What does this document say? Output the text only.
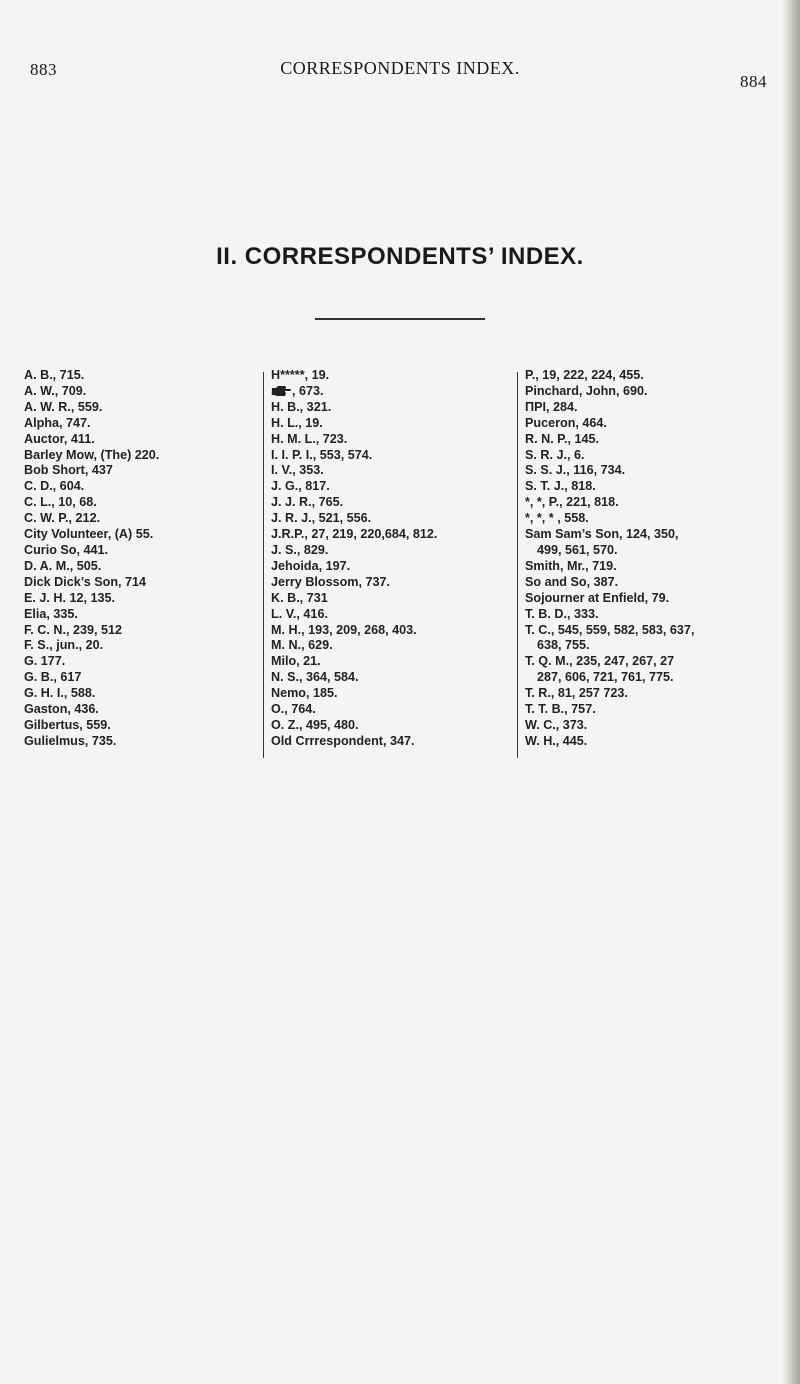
883	CORRESPONDENTS INDEX.
884
II. CORRESPONDENTS’ INDEX.
A. B., 715.
A. W., 709.
A. W. R., 559.
Alpha, 747.
Auctor, 411.
Barley Mow, (The) 220.
Bob Short, 437
C. D., 604.
C. L., 10, 68.
C. W. P., 212.
City Volunteer, (A) 55.
Curio So, 441.
D. A. M., 505.
Dick Dick’s Son, 714
E. J. H. 12, 135.
Elia, 335.
F. C. N., 239, 512
F. S., jun., 20.
G. 177.
G. B., 617
G. H. I., 588.
Gaston, 436.
Gilbertus, 559.
Gulielmus, 735.
H*****, 19.
, 673.
H. B., 321.
H. L., 19.
H. M. L., 723.
I. I. P. I., 553, 574.
I. V., 353.
J. G., 817.
J. J. R., 765.
J. R. J., 521, 556.
J.R.P., 27, 219, 220,684, 812.
J. S., 829.
Jehoida, 197.
Jerry Blossom, 737.
K. B., 731
L. V., 416.
M. H., 193, 209, 268, 403.
M. N., 629.
Milo, 21.
N. S., 364, 584.
Nemo, 185.
O., 764.
O. Z., 495, 480.
Old Crrrespondent, 347.
P., 19, 222, 224, 455.
Pinchard, John, 690.
ΠΡΙ, 284.
Puceron, 464.
R. N. P., 145.
S. R. J., 6.
S. S. J., 116, 734.
S. T. J., 818.
*, *, P., 221, 818.
*, *, * , 558.
Sam Sam’s Son, 124, 350,
499, 561, 570.
Smith, Mr., 719.
So and So, 387.
Sojourner at Enfield, 79.
T. B. D., 333.
T. C., 545, 559, 582, 583, 637,
638, 755.
T. Q. M., 235, 247, 267, 27
287, 606, 721, 761, 775.
T. R., 81, 257 723.
T. T. B., 757.
W. C., 373.
W. H., 445.
